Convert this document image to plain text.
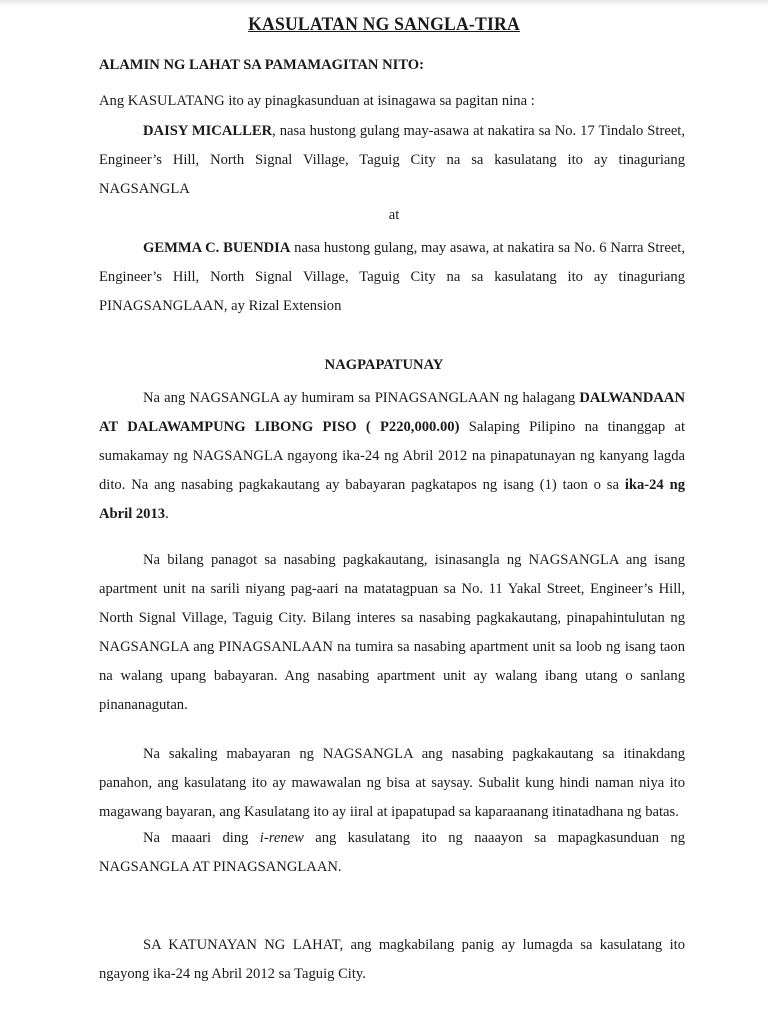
KASULATAN NG SANGLA-TIRA

ALAMIN NG LAHAT SA PAMAMAGITAN NITO:

Ang KASULATANG ito ay pinagkasunduan at isinagawa sa pagitan nina :

DAISY MICALLER, nasa hustong gulang may-asawa at nakatira sa No. 17 Tindalo Street, Engineer’s Hill, North Signal Village, Taguig City na sa kasulatang ito ay tinaguriang NAGSANGLA

at

GEMMA C. BUENDIA nasa hustong gulang, may asawa, at nakatira sa No. 6 Narra Street, Engineer’s Hill, North Signal Village, Taguig City na sa kasulatang ito ay tinaguriang PINAGSANGLAAN, ay Rizal Extension

NAGPAPATUNAY

Na ang NAGSANGLA ay humiram sa PINAGSANGLAAN ng halagang DALWANDAAN AT DALAWAMPUNG LIBONG PISO ( P220,000.00) Salaping Pilipino na tinanggap at sumakamay ng NAGSANGLA ngayong ika-24 ng Abril 2012 na pinapatunayan ng kanyang lagda dito. Na ang nasabing pagkakautang ay babayaran pagkatapos ng isang (1) taon o sa ika-24 ng Abril 2013.

Na bilang panagot sa nasabing pagkakautang, isinasangla ng NAGSANGLA ang isang apartment unit na sarili niyang pag-aari na matatagpuan sa No. 11 Yakal Street, Engineer’s Hill, North Signal Village, Taguig City. Bilang interes sa nasabing pagkakautang, pinapahintulutan ng NAGSANGLA ang PINAGSANLAAN na tumira sa nasabing apartment unit sa loob ng isang taon na walang upang babayaran. Ang nasabing apartment unit ay walang ibang utang o sanlang pinananagutan.

Na sakaling mabayaran ng NAGSANGLA ang nasabing pagkakautang sa itinakdang panahon, ang kasulatang ito ay mawawalan ng bisa at saysay. Subalit kung hindi naman niya ito magawang bayaran, ang Kasulatang ito ay iiral at ipapatupad sa kaparaanang itinatadhana ng batas.

Na maaari ding i-renew ang kasulatang ito ng naaayon sa mapagkasunduan ng NAGSANGLA AT PINAGSANGLAAN.

SA KATUNAYAN NG LAHAT, ang magkabilang panig ay lumagda sa kasulatang ito ngayong ika-24 ng Abril 2012 sa Taguig City.
